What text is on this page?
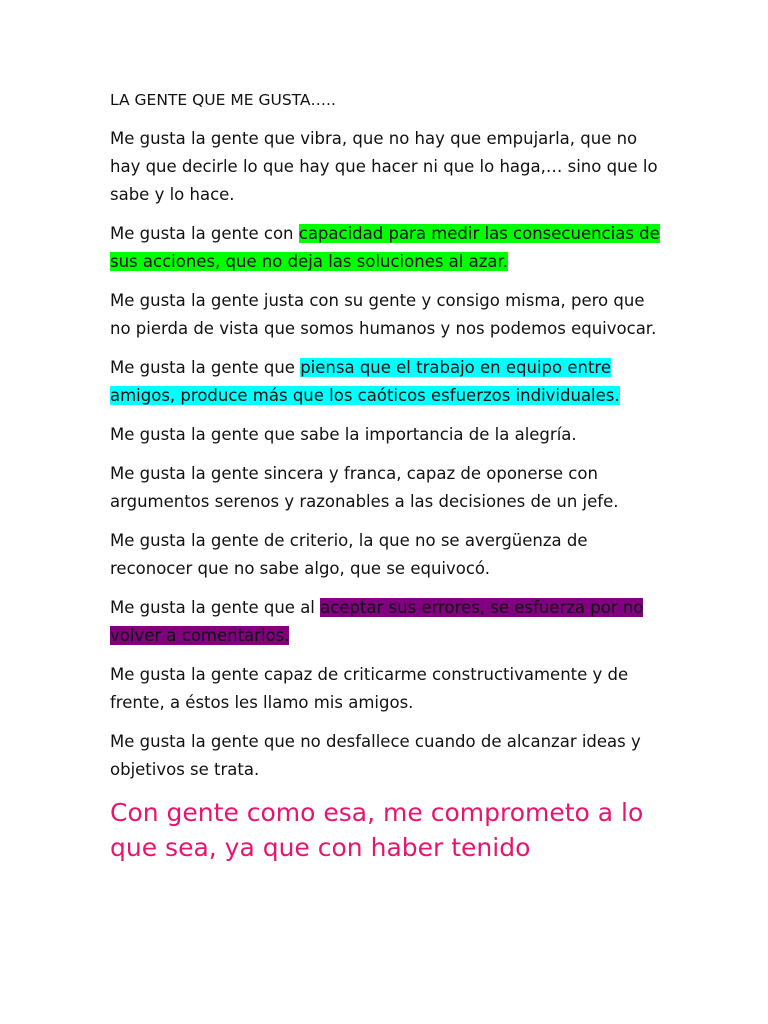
LA GENTE QUE ME GUSTA…..

Me gusta la gente que vibra, que no hay que empujarla, que no hay que decirle lo que hay que hacer ni que lo haga,… sino que lo sabe y lo hace.

Me gusta la gente con capacidad para medir las consecuencias de sus acciones, que no deja las soluciones al azar.

Me gusta la gente justa con su gente y consigo misma, pero que no pierda de vista que somos humanos y nos podemos equivocar.

Me gusta la gente que piensa que el trabajo en equipo entre amigos, produce más que los caóticos esfuerzos individuales.

Me gusta la gente que sabe la importancia de la alegría.

Me gusta la gente sincera y franca, capaz de oponerse con argumentos serenos y razonables a las decisiones de un jefe.

Me gusta la gente de criterio, la que no se avergüenza de reconocer que no sabe algo, que se equivocó.

Me gusta la gente que al aceptar sus errores, se esfuerza por no volver a comentarlos.

Me gusta la gente capaz de criticarme constructivamente y de frente, a éstos les llamo mis amigos.

Me gusta la gente que no desfallece cuando de alcanzar ideas y objetivos se trata.

Con gente como esa, me comprometo a lo que sea, ya que con haber tenido
